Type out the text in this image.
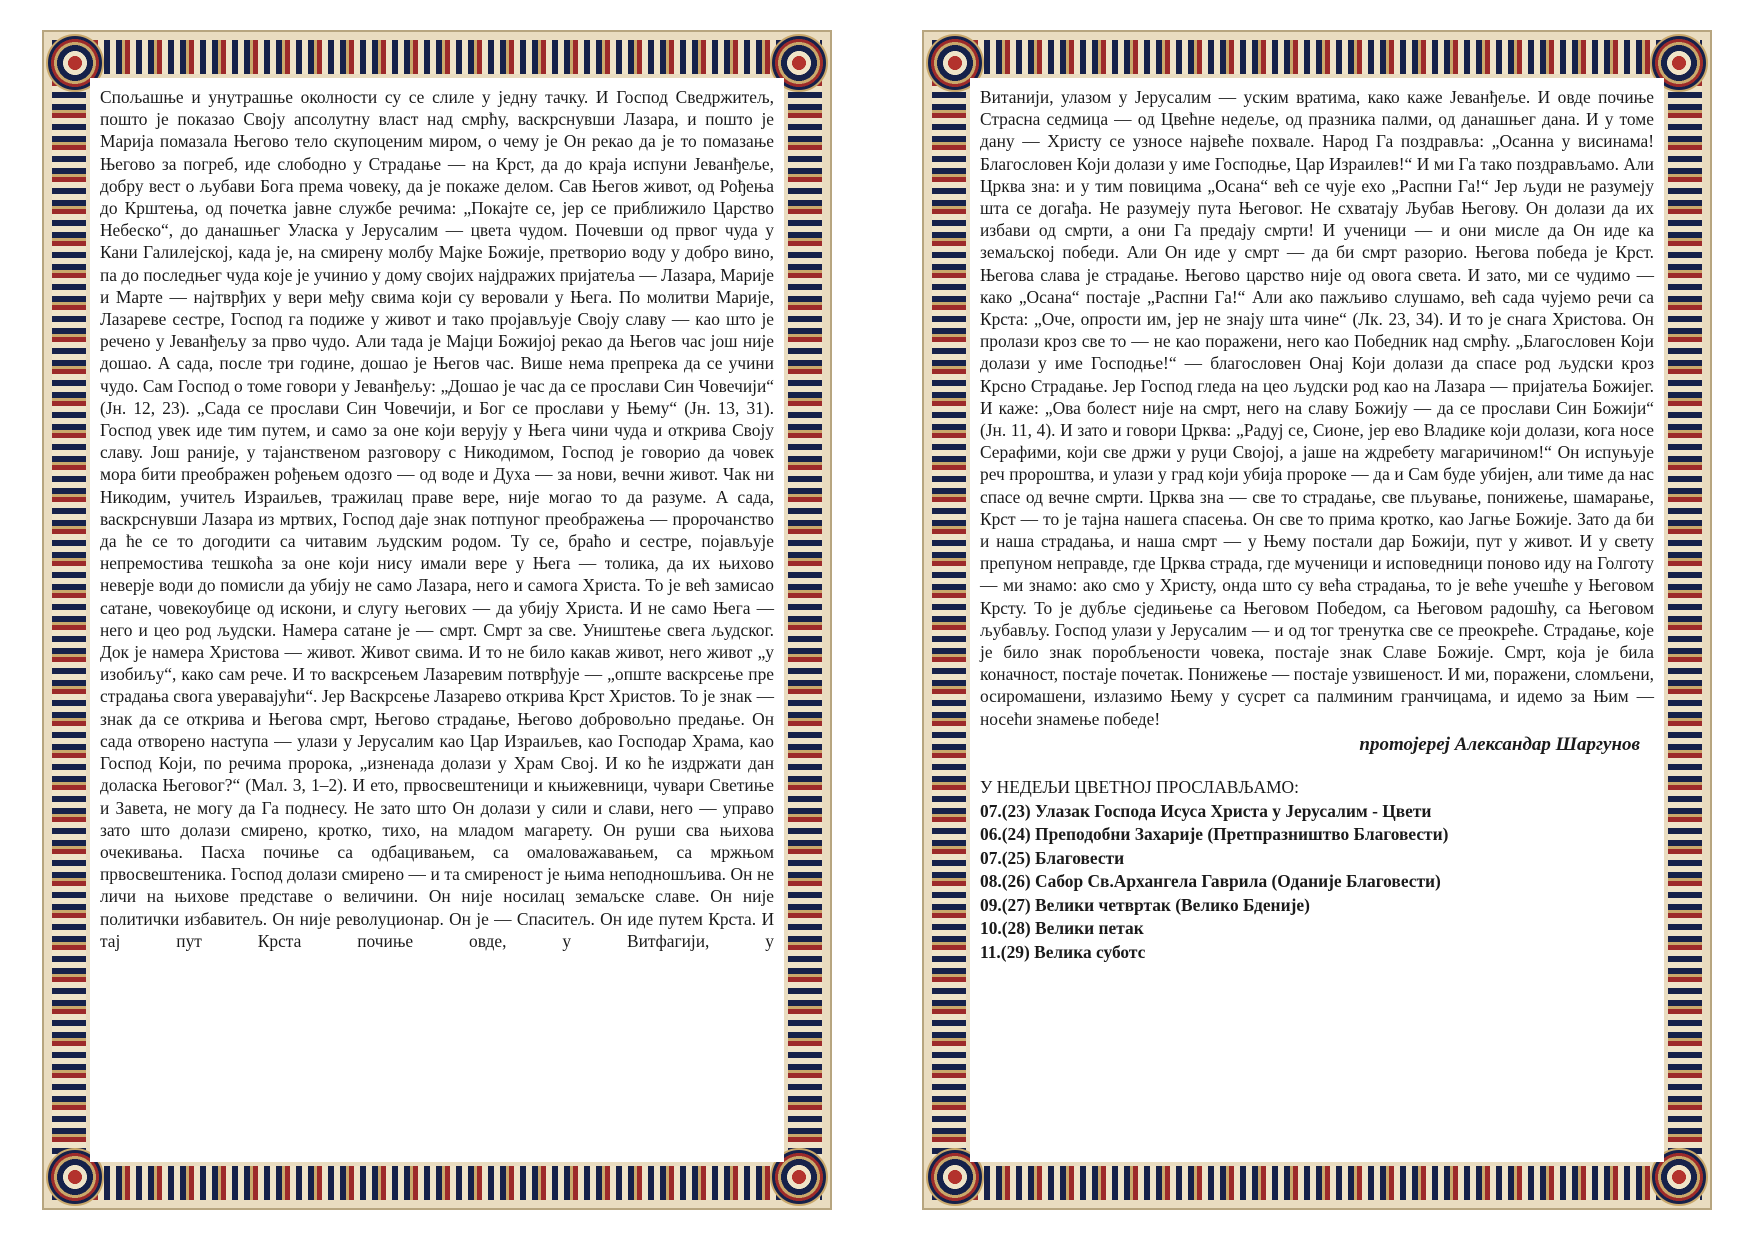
Спољашње и унутрашње околности су се слиле у једну тачку. И Господ Сведржитељ, пошто је показао Своју апсолутну власт над смрћу, васкрснувши Лазара, и пошто је Марија помазала Његово тело скупоценим миром, о чему је Он рекао да је то помазање Његово за погреб, иде слободно у Страдање — на Крст, да до краја испуни Јеванђеље, добру вест о љубави Бога према човеку, да је покаже делом. Сав Његов живот, од Рођења до Крштења, од почетка јавне службе речима: „Покајте се, јер се приближило Царство Небеско“, до данашњег Уласка у Јерусалим — цвета чудом. Почевши од првог чуда у Кани Галилејској, када је, на смирену молбу Мајке Божије, претворио воду у добро вино, па до последњег чуда које је учинио у дому својих најдражих пријатеља — Лазара, Марије и Марте — најтврђих у вери међу свима који су веровали у Њега. По молитви Марије, Лазареве сестре, Господ га подиже у живот и тако пројављује Своју славу — као што је речено у Јеванђељу за прво чудо. Али тада је Мајци Божијој рекао да Његов час још није дошао. А сада, после три године, дошао је Његов час. Више нема препрека да се учини чудо. Сам Господ о томе говори у Јеванђељу: „Дошао је час да се прослави Син Човечији“ (Јн. 12, 23). „Сада се прослави Син Човечији, и Бог се прослави у Њему“ (Јн. 13, 31). Господ увек иде тим путем, и само за оне који верују у Њега чини чуда и открива Своју славу. Још раније, у тајанственом разговору с Никодимом, Господ је говорио да човек мора бити преображен рођењем одозго — од воде и Духа — за нови, вечни живот. Чак ни Никодим, учитељ Израиљев, тражилац праве вере, није могао то да разуме. А сада, васкрснувши Лазара из мртвих, Господ даје знак потпуног преображења — пророчанство да ће се то догодити са читавим људским родом. Ту се, браћо и сестре, појављује непремостива тешкоћа за оне који нису имали вере у Њега — толика, да их њихово неверје води до помисли да убију не само Лазара, него и самога Христа. То је већ замисао сатане, човекоубице од искони, и слугу његових — да убију Христа. И не само Њега — него и цео род људски. Намера сатане је — смрт. Смрт за све. Уништење свега људског. Док је намера Христова — живот. Живот свима. И то не било какав живот, него живот „у изобиљу“, како сам рече. И то васкрсењем Лазаревим потврђује — „опште васкрсење пре страдања свога уверавајући“. Јер Васкрсење Лазарево открива Крст Христов. То је знак — знак да се открива и Његова смрт, Његово страдање, Његово добровољно предање. Он сада отворено наступа — улази у Јерусалим као Цар Израиљев, као Господар Храма, као Господ Који, по речима пророка, „изненада долази у Храм Свој. И ко ће издржати дан доласка Његовог?“ (Мал. 3, 1–2). И ето, првосвештеници и књижевници, чувари Светиње и Завета, не могу да Га поднесу. Не зато што Он долази у сили и слави, него — управо зато што долази смирено, кротко, тихо, на младом магарету. Он руши сва њихова очекивања. Пасха почиње са одбацивањем, са омаловажавањем, са мржњом првосвештеника. Господ долази смирено — и та смиреност је њима неподношљива. Он не личи на њихове представе о величини. Он није носилац земаљске славе. Он није политички избавитељ. Он није револуционар. Он је — Спаситељ. Он иде путем Крста. И тај пут Крста почиње овде, у Витфагији, у

Витанији, улазом у Јерусалим — уским вратима, како каже Јеванђеље. И овде почиње Страсна седмица — од Цвећне недеље, од празника палми, од данашњег дана. И у томе дану — Христу се узносе највеће похвале. Народ Га поздравља: „Осанна у висинама! Благословен Који долази у име Господње, Цар Израилев!“ И ми Га тако поздрављамо. Али Црква зна: и у тим повицима „Осана“ већ се чује ехо „Распни Га!“ Јер људи не разумеју шта се догађа. Не разумеју пута Његовог. Не схватају Љубав Његову. Он долази да их избави од смрти, а они Га предају смрти! И ученици — и они мисле да Он иде ка земаљској победи. Али Он иде у смрт — да би смрт разорио. Његова победа је Крст. Његова слава је страдање. Његово царство није од овога света. И зато, ми се чудимо — како „Осана“ постаје „Распни Га!“ Али ако пажљиво слушамо, већ сада чујемо речи са Крста: „Оче, опрости им, јер не знају шта чине“ (Лк. 23, 34). И то је снага Христова. Он пролази кроз све то — не као поражени, него као Победник над смрћу. „Благословен Који долази у име Господње!“ — благословен Онај Који долази да спасе род људски кроз Крсно Страдање. Јер Господ гледа на цео људски род као на Лазара — пријатеља Божијег. И каже: „Ова болест није на смрт, него на славу Божију — да се прослави Син Божији“ (Јн. 11, 4). И зато и говори Црква: „Радуј се, Сионе, јер ево Владике који долази, кога носе Серафими, који све држи у руци Својој, а јаше на ждребету магаричином!“ Он испуњује реч пророштва, и улази у град који убија пророке — да и Сам буде убијен, али тиме да нас спасе од вечне смрти. Црква зна — све то страдање, све пљување, понижење, шамарање, Крст — то је тајна нашега спасења. Он све то прима кротко, као Јагње Божије. Зато да би и наша страдања, и наша смрт — у Њему постали дар Божији, пут у живот. И у свету препуном неправде, где Црква страда, где мученици и исповедници поново иду на Голготу — ми знамо: ако смо у Христу, онда што су већа страдања, то је веће учешће у Његовом Крсту. То је дубље сједињење са Његовом Победом, са Његовом радошћу, са Његовом љубављу. Господ улази у Јерусалим — и од тог тренутка све се преокреће. Страдање, које је било знак поробљености човека, постаје знак Славе Божије. Смрт, која је била коначност, постаје почетак. Понижење — постаје узвишеност. И ми, поражени, сломљени, осиромашени, излазимо Њему у сусрет са палминим гранчицама, и идемо за Њим — носећи знамење победе!

протојереј Александар Шаргунов

У НЕДЕЉИ ЦВЕТНОЈ ПРОСЛАВЉАМО:

07.(23) Улазак Господа Исуса Христа у Јерусалим - Цвети
06.(24) Преподобни Захарије (Претпразништво Благовести)
07.(25) Благовести
08.(26) Сабор Св.Архангела Гаврила (Оданије Благовести)
09.(27) Велики четвртак (Велико Бденије)
10.(28) Велики петак
11.(29) Велика суботс
